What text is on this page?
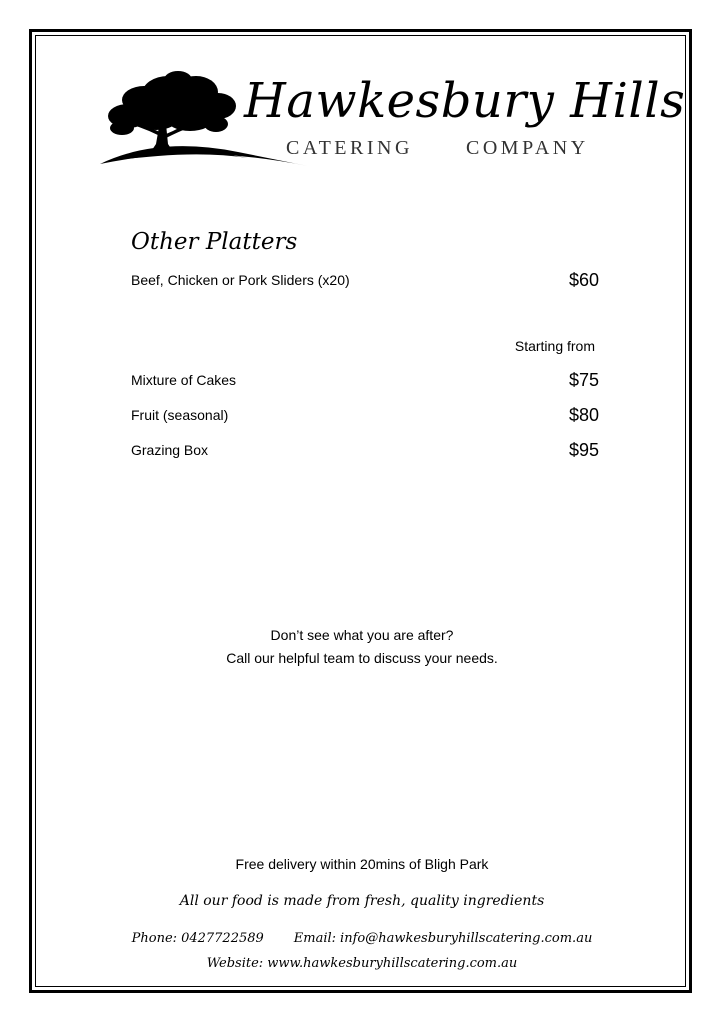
Hawkesbury Hills
CATERING	COMPANY
Other Platters
Beef, Chicken or Pork Sliders (x20)	$60
Starting from
Mixture of Cakes	$75
Fruit (seasonal)	$80
Grazing Box	$95
Don’t see what you are after?
Call our helpful team to discuss your needs.
Free delivery within 20mins of Bligh Park
All our food is made from fresh, quality ingredients
Phone: 0427722589 Email: info@hawkesburyhillscatering.com.au
Website: www.hawkesburyhillscatering.com.au
